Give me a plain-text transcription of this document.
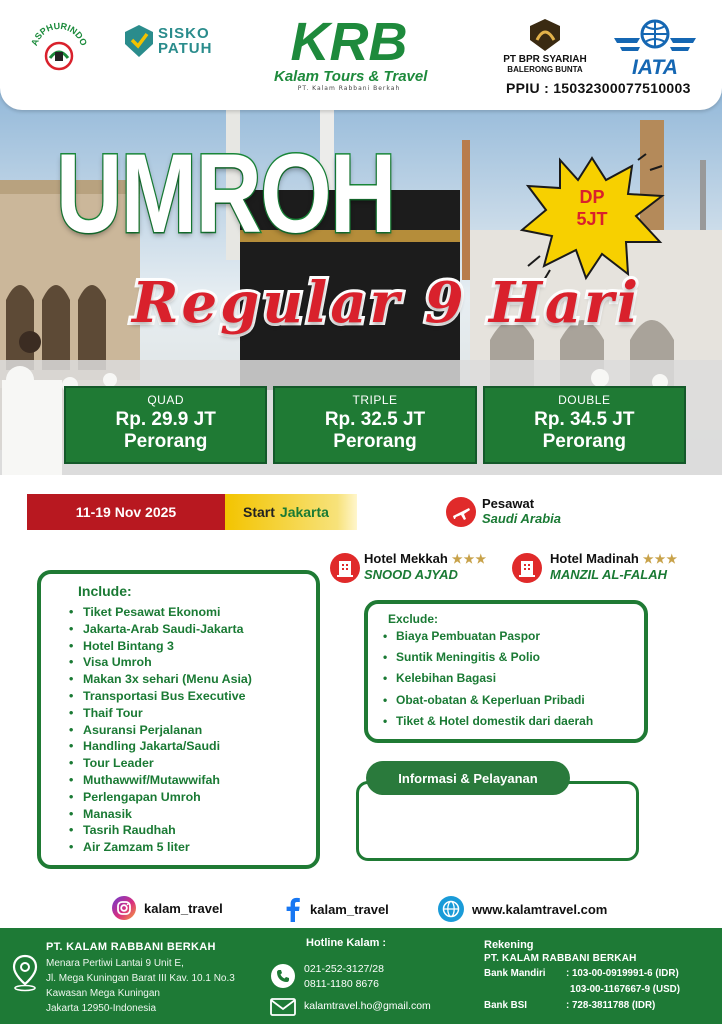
ASPHURINDO	SISKO
PATUH KRB
Kalam Tours & Travel
PT. Kalam Rabbani Berkah
PT BPR SYARIAH
BALERONG BUNTA	IATA
PPIU : 15032300077510003
UMROH	DP
5JT
Regular 9 Hari
QUAD
Rp. 29.9 JT
Perorang
TRIPLE
Rp. 32.5 JT
Perorang
DOUBLE
Rp. 34.5 JT
Perorang
11-19 Nov 2025	Start Jakarta
Pesawat
Saudi Arabia
Hotel Mekkah ★★★
SNOOD AJYAD
Hotel Madinah ★★★
MANZIL AL-FALAH
Include:
• Tiket Pesawat Ekonomi
• Jakarta-Arab Saudi-Jakarta
• Hotel Bintang 3
• Visa Umroh
• Makan 3x sehari (Menu Asia)
• Transportasi Bus Executive
• Thaif Tour
• Asuransi Perjalanan
• Handling Jakarta/Saudi
• Tour Leader
• Muthawwif/Mutawwifah
• Perlengapan Umroh
• Manasik
• Tasrih Raudhah
• Air Zamzam 5 liter
Exclude:
• Biaya Pembuatan Paspor
• Suntik Meningitis & Polio
• Kelebihan Bagasi
• Obat-obatan & Keperluan Pribadi
• Tiket & Hotel domestik dari daerah
Informasi & Pelayanan
kalam_travel	kalam_travel	www.kalamtravel.com
PT. KALAM RABBANI BERKAH
Menara Pertiwi Lantai 9 Unit E,
Jl. Mega Kuningan Barat III Kav. 10.1 No.3
Kawasan Mega Kuningan
Jakarta 12950-Indonesia
Hotline Kalam :
021-252-3127/28
0811-1180 8676
kalamtravel.ho@gmail.com
Rekening
PT. KALAM RABBANI BERKAH
Bank Mandiri : 103-00-0919991-6 (IDR)
103-00-1167667-9 (USD)
Bank BSI	: 728-3811788 (IDR)
